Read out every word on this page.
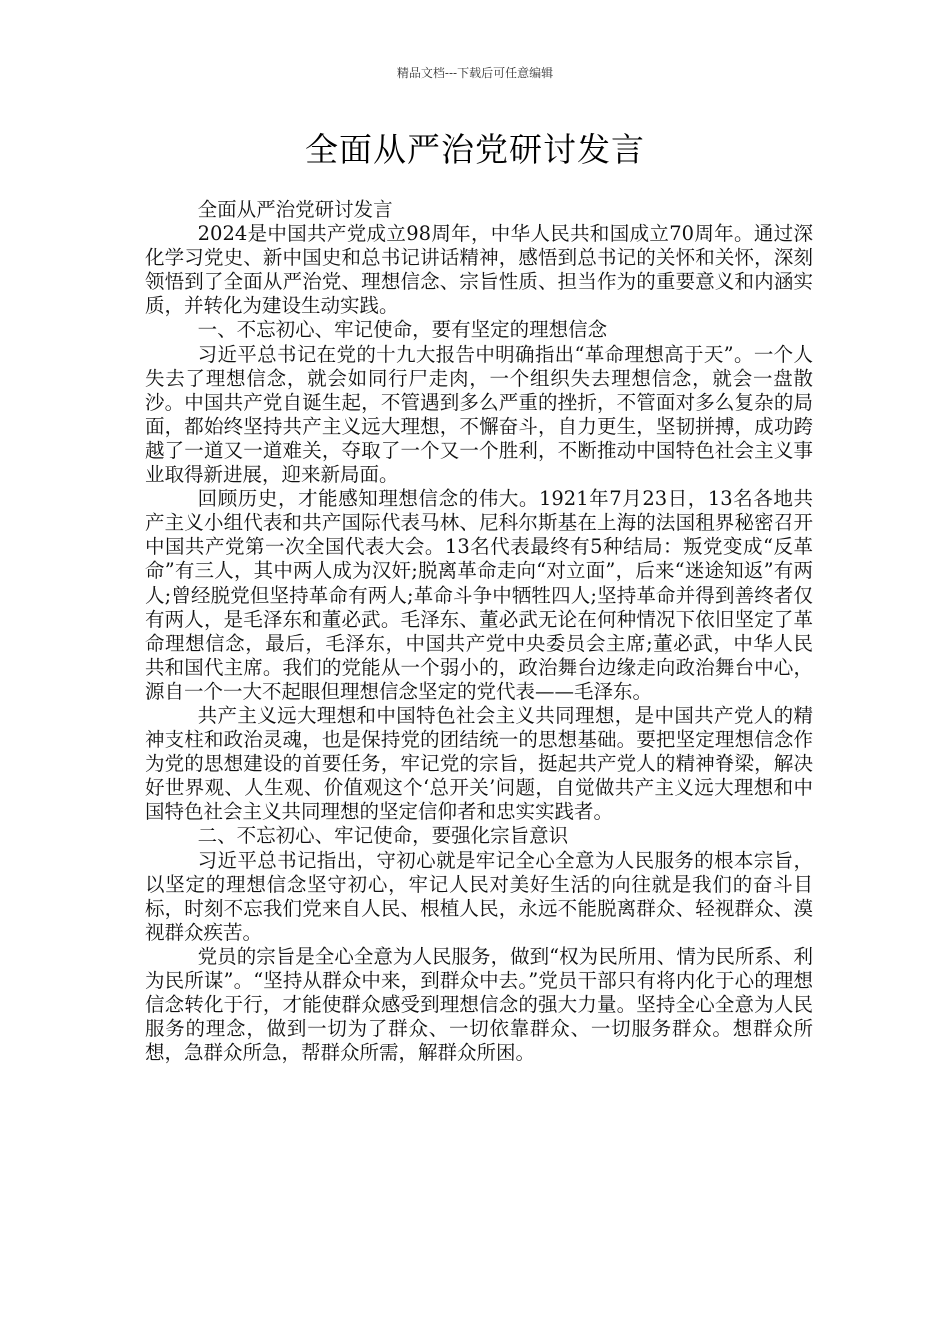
精品文档---下载后可任意编辑
全面从严治党研讨发言

全面从严治党研讨发言

2024是中国共产党成立98周年，中华人民共和国成立70周年。通过深化学习党史、新中国史和总书记讲话精神，感悟到总书记的关怀和关怀，深刻领悟到了全面从严治党、理想信念、宗旨性质、担当作为的重要意义和内涵实质，并转化为建设生动实践。

一、不忘初心、牢记使命，要有坚定的理想信念

习近平总书记在党的十九大报告中明确指出“革命理想高于天”。一个人失去了理想信念，就会如同行尸走肉，一个组织失去理想信念，就会一盘散沙。中国共产党自诞生起，不管遇到多么严重的挫折，不管面对多么复杂的局面，都始终坚持共产主义远大理想，不懈奋斗，自力更生，坚韧拼搏，成功跨越了一道又一道难关，夺取了一个又一个胜利，不断推动中国特色社会主义事业取得新进展，迎来新局面。

回顾历史，才能感知理想信念的伟大。1921年7月23日，13名各地共产主义小组代表和共产国际代表马林、尼科尔斯基在上海的法国租界秘密召开中国共产党第一次全国代表大会。13名代表最终有5种结局：叛党变成“反革命”有三人，其中两人成为汉奸;脱离革命走向“对立面”，后来“迷途知返”有两人;曾经脱党但坚持革命有两人;革命斗争中牺牲四人;坚持革命并得到善终者仅有两人，是毛泽东和董必武。毛泽东、董必武无论在何种情况下依旧坚定了革命理想信念，最后，毛泽东，中国共产党中央委员会主席;董必武，中华人民共和国代主席。我们的党能从一个弱小的，政治舞台边缘走向政治舞台中心，源自一个一大不起眼但理想信念坚定的党代表——毛泽东。

共产主义远大理想和中国特色社会主义共同理想，是中国共产党人的精神支柱和政治灵魂，也是保持党的团结统一的思想基础。要把坚定理想信念作为党的思想建设的首要任务，牢记党的宗旨，挺起共产党人的精神脊梁，解决好世界观、人生观、价值观这个‘总开关’问题，自觉做共产主义远大理想和中国特色社会主义共同理想的坚定信仰者和忠实实践者。

二、不忘初心、牢记使命，要强化宗旨意识

习近平总书记指出，守初心就是牢记全心全意为人民服务的根本宗旨，以坚定的理想信念坚守初心，牢记人民对美好生活的向往就是我们的奋斗目标，时刻不忘我们党来自人民、根植人民，永远不能脱离群众、轻视群众、漠视群众疾苦。

党员的宗旨是全心全意为人民服务，做到“权为民所用、情为民所系、利为民所谋”。“坚持从群众中来，到群众中去。”党员干部只有将内化于心的理想信念转化于行，才能使群众感受到理想信念的强大力量。坚持全心全意为人民服务的理念，做到一切为了群众、一切依靠群众、一切服务群众。想群众所想，急群众所急，帮群众所需，解群众所困。
